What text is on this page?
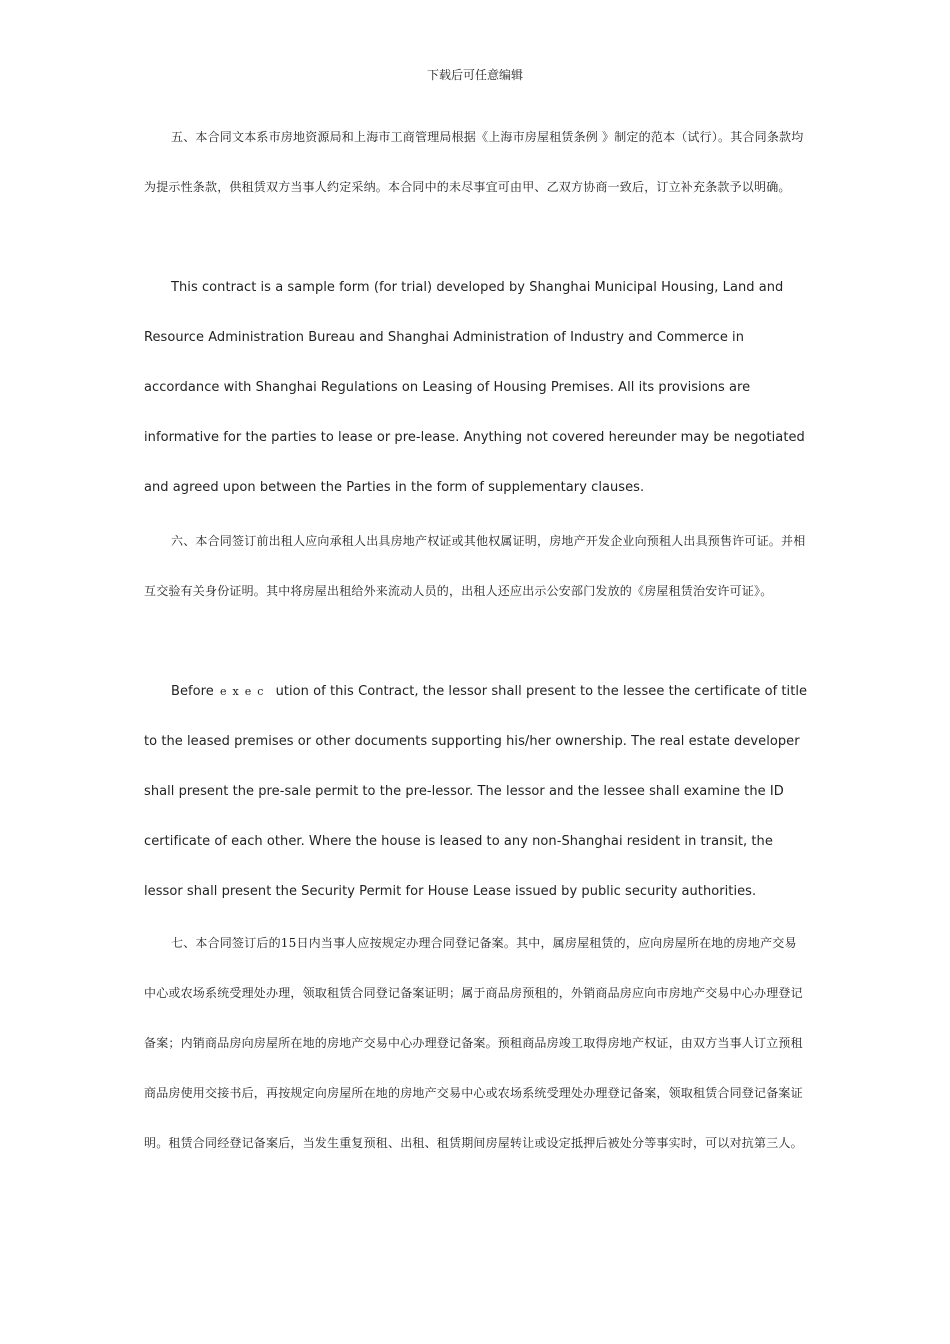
下载后可任意编辑

五、本合同文本系市房地资源局和上海市工商管理局根据《上海市房屋租赁条例 》制定的范本（试行）。其合同条款均为提示性条款，供租赁双方当事人约定采纳。本合同中的未尽事宜可由甲、乙双方协商一致后，订立补充条款予以明确。

This contract is a sample form (for trial) developed by Shanghai Municipal Housing, Land and Resource Administration Bureau and Shanghai Administration of Industry and Commerce in accordance with Shanghai Regulations on Leasing of Housing Premises. All its provisions are informative for the parties to lease or pre-lease. Anything not covered hereunder may be negotiated and agreed upon between the Parties in the form of supplementary clauses.

六、本合同签订前出租人应向承租人出具房地产权证或其他权属证明，房地产开发企业向预租人出具预售许可证。并相互交验有关身份证明。其中将房屋出租给外来流动人员的，出租人还应出示公安部门发放的《房屋租赁治安许可证》。

Before exec ution of this Contract, the lessor shall present to the lessee the certificate of title to the leased premises or other documents supporting his/her ownership. The real estate developer shall present the pre-sale permit to the pre-lessor. The lessor and the lessee shall examine the ID certificate of each other. Where the house is leased to any non-Shanghai resident in transit, the lessor shall present the Security Permit for House Lease issued by public security authorities.

七、本合同签订后的15日内当事人应按规定办理合同登记备案。其中，属房屋租赁的，应向房屋所在地的房地产交易中心或农场系统受理处办理，领取租赁合同登记备案证明；属于商品房预租的，外销商品房应向市房地产交易中心办理登记备案；内销商品房向房屋所在地的房地产交易中心办理登记备案。预租商品房竣工取得房地产权证，由双方当事人订立预租商品房使用交接书后，再按规定向房屋所在地的房地产交易中心或农场系统受理处办理登记备案，领取租赁合同登记备案证明。租赁合同经登记备案后，当发生重复预租、出租、租赁期间房屋转让或设定抵押后被处分等事实时，可以对抗第三人。
